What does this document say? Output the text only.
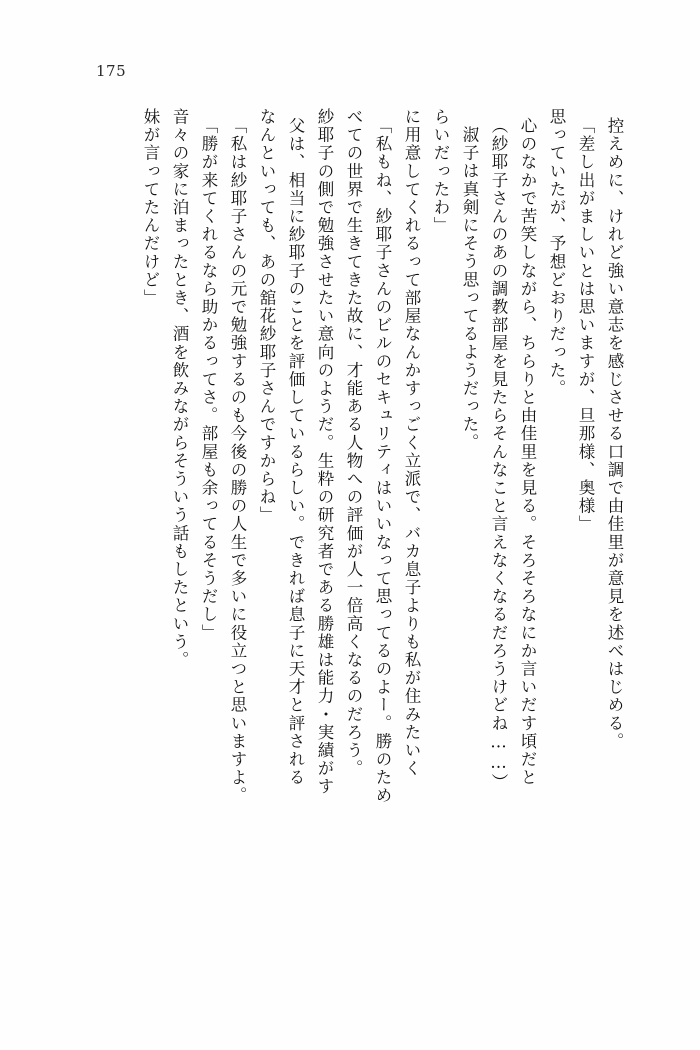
175
妹が言ってたんだけど」 音々の家に泊まったとき、酒を飲みながらそういう話もしたという。 「勝が来てくれるなら助かるってさ。部屋も余ってるそうだし」 「私は紗耶子さんの元で勉強するのも今後の勝の人生で多いに役立つと思いますよ。 なんといっても、あの舘花紗耶子さんですからね」 父は、相当に紗耶子のことを評価しているらしい。できれば息子に天才と評される 紗耶子の側で勉強させたい意向のようだ。生粋の研究者である勝雄は能力・実績がす べての世界で生きてきた故に、才能ある人物への評価が人一倍高くなるのだろう。 「私もね、紗耶子さんのビルのセキュリティはいいなって思ってるのよー。勝のため に用意してくれるって部屋なんかすっごく立派で、バカ息子よりも私が住みたいく らいだったわ」 淑子は真剣にそう思ってるようだった。 （紗耶子さんのあの調教部屋を見たらそんなこと言えなくなるだろうけどね……） 心のなかで苦笑しながら、ちらりと由佳里を見る。そろそろなにか言いだす頃だと 思っていたが、予想どおりだった。 「差し出がましいとは思いますが、旦那様、奥様」 控えめに、けれど強い意志を感じさせる口調で由佳里が意見を述べはじめる。
